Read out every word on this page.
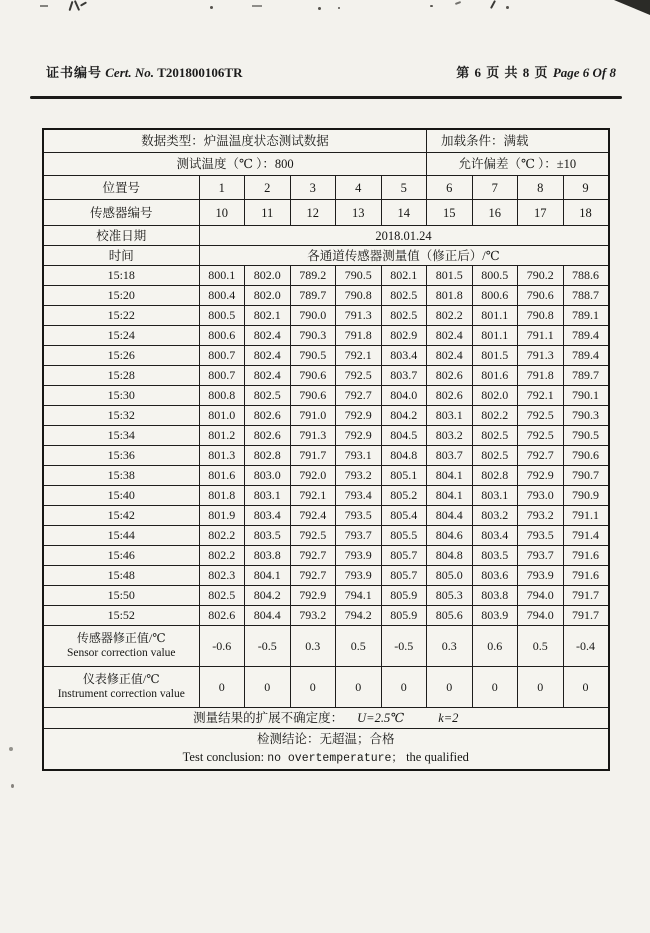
证书编号 Cert. No. T201800106TR	第 6 页 共 8 页 Page 6 Of 8
数据类型：炉温温度状态测试数据						加载条件：满载			
测试温度（℃ ）：800						允许偏差（℃ ）：±10			
位置号	1	2	3	4	5	6	7	8	9
传感器编号	10	11	12	13	14	15	16	17	18
校准日期	2018.01.24								
时间	各通道传感器测量值（修正后）/℃								
15:18	800.1	802.0	789.2	790.5	802.1	801.5	800.5	790.2	788.6
15:20	800.4	802.0	789.7	790.8	802.5	801.8	800.6	790.6	788.7
15:22	800.5	802.1	790.0	791.3	802.5	802.2	801.1	790.8	789.1
15:24	800.6	802.4	790.3	791.8	802.9	802.4	801.1	791.1	789.4
15:26	800.7	802.4	790.5	792.1	803.4	802.4	801.5	791.3	789.4
15:28	800.7	802.4	790.6	792.5	803.7	802.6	801.6	791.8	789.7
15:30	800.8	802.5	790.6	792.7	804.0	802.6	802.0	792.1	790.1
15:32	801.0	802.6	791.0	792.9	804.2	803.1	802.2	792.5	790.3
15:34	801.2	802.6	791.3	792.9	804.5	803.2	802.5	792.5	790.5
15:36	801.3	802.8	791.7	793.1	804.8	803.7	802.5	792.7	790.6
15:38	801.6	803.0	792.0	793.2	805.1	804.1	802.8	792.9	790.7
15:40	801.8	803.1	792.1	793.4	805.2	804.1	803.1	793.0	790.9
15:42	801.9	803.4	792.4	793.5	805.4	804.4	803.2	793.2	791.1
15:44	802.2	803.5	792.5	793.7	805.5	804.6	803.4	793.5	791.4
15:46	802.2	803.8	792.7	793.9	805.7	804.8	803.5	793.7	791.6
15:48	802.3	804.1	792.7	793.9	805.7	805.0	803.6	793.9	791.6
15:50	802.5	804.2	792.9	794.1	805.9	805.3	803.8	794.0	791.7
15:52	802.6	804.4	793.2	794.2	805.9	805.6	803.9	794.0	791.7

传感器修正值/℃
Sensor correction value	-0.6	-0.5	0.3	0.5	-0.5	0.3	0.6	0.5	-0.4

仪表修正值/℃
Instrument correction value	0	0	0	0	0	0	0	0	0
测量结果的扩展不确定度： U=2.5℃ k=2									

检测结论：无超温；合格
Test conclusion: no overtemperature； the qualified									
